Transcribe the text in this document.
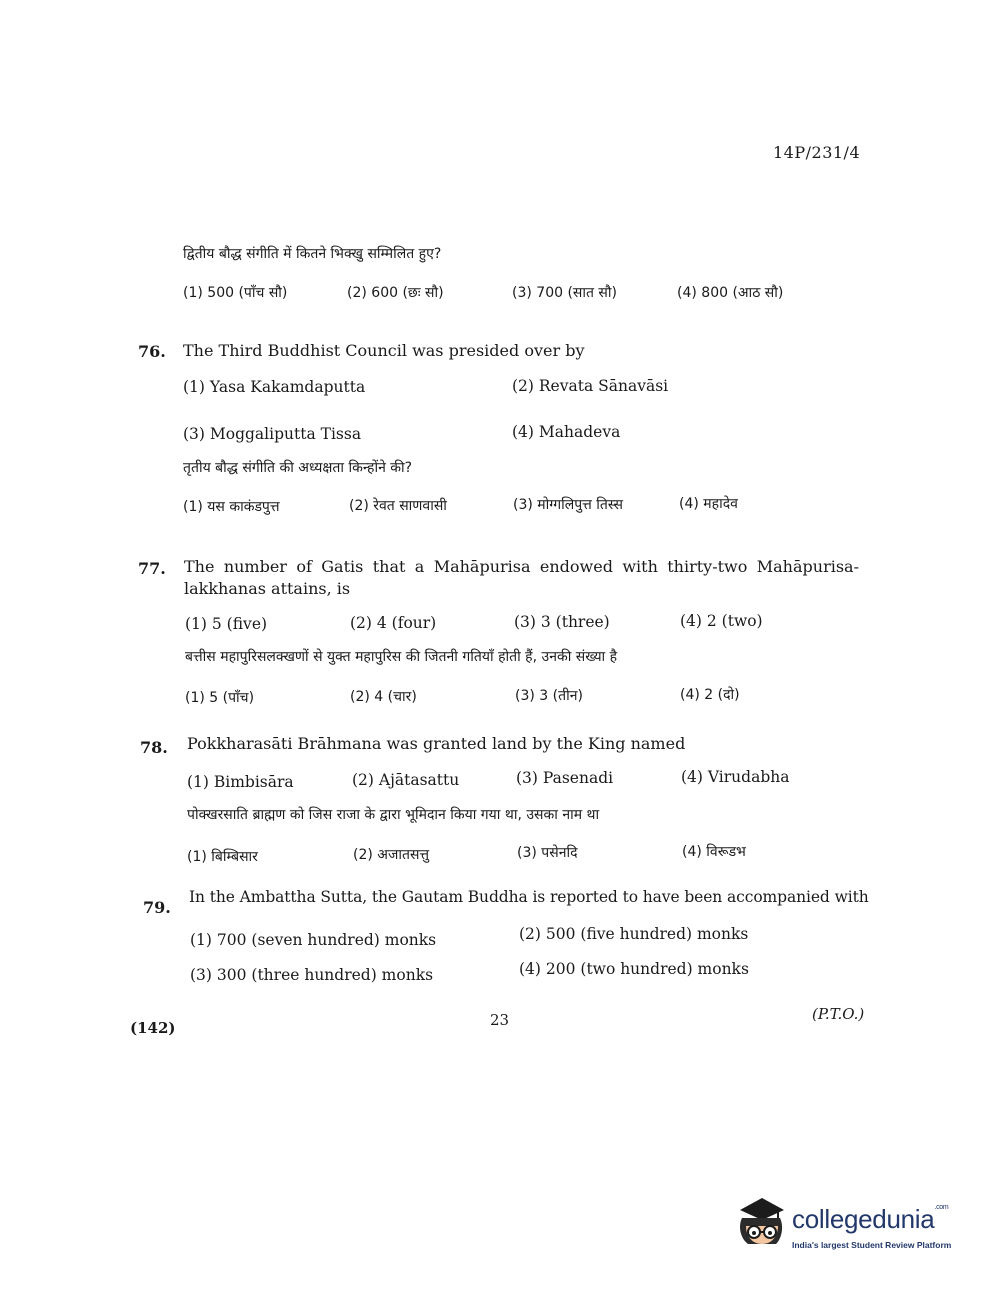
14P/231/4
द्वितीय बौद्ध संगीति में कितने भिक्खु सम्मिलित हुए?
(1) 500 (पाँच सौ)	(2) 600 (छः सौ)	(3) 700 (सात सौ)	(4) 800 (आठ सौ)
76. The Third Buddhist Council was presided over by
(1) Yasa Kakamdaputta	(2) Revata Sānavāsi
(3) Moggaliputta Tissa	(4) Mahadeva
तृतीय बौद्ध संगीति की अध्यक्षता किन्होंने की?
(1) यस काकंडपुत्त	(2) रेवत साणवासी	(3) मोग्गलिपुत्त तिस्स	(4) महादेव
77. The number of Gatis that a Mahāpurisa endowed with thirty-two Mahāpurisa-lakkhanas attains, is
(1) 5 (five)	(2) 4 (four)	(3) 3 (three)	(4) 2 (two)
बत्तीस महापुरिसलक्खणों से युक्त महापुरिस की जितनी गतियाँ होती हैं, उनकी संख्या है
(1) 5 (पाँच)	(2) 4 (चार)	(3) 3 (तीन)	(4) 2 (दो)
78. Pokkharasāti Brāhmana was granted land by the King named
(1) Bimbisāra	(2) Ajātasattu	(3) Pasenadi	(4) Virudabha
पोक्खरसाति ब्राह्मण को जिस राजा के द्वारा भूमिदान किया गया था, उसका नाम था
(1) बिम्बिसार	(2) अजातसत्तु	(3) पसेनदि	(4) विरूडभ
79.
In the Ambattha Sutta, the Gautam Buddha is reported to have been accompanied with
(1) 700 (seven hundred) monks	(2) 500 (five hundred) monks
(3) 300 (three hundred) monks	(4) 200 (two hundred) monks
(142)	23	(P.T.O.)
collegedunia$^{.com}$
India's largest Student Review Platform
